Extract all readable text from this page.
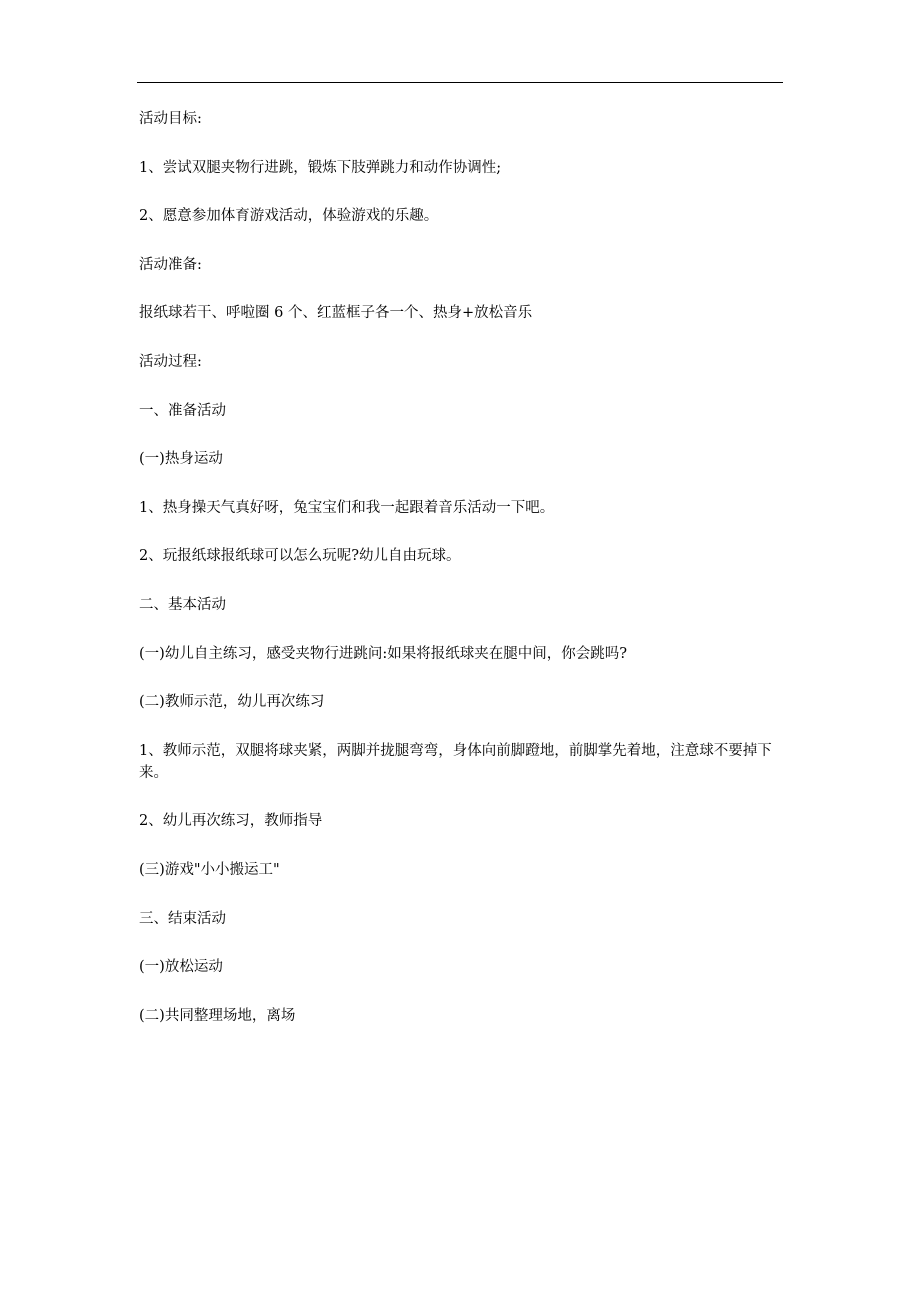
活动目标:

1、尝试双腿夹物行进跳，锻炼下肢弹跳力和动作协调性;

2、愿意参加体育游戏活动，体验游戏的乐趣。

活动准备:

报纸球若干、呼啦圈 6 个、红蓝框子各一个、热身+放松音乐

活动过程:

一、准备活动

(一)热身运动

1、热身操天气真好呀，兔宝宝们和我一起跟着音乐活动一下吧。

2、玩报纸球报纸球可以怎么玩呢?幼儿自由玩球。

二、基本活动

(一)幼儿自主练习，感受夹物行进跳问:如果将报纸球夹在腿中间，你会跳吗?

(二)教师示范，幼儿再次练习

1、教师示范，双腿将球夹紧，两脚并拢腿弯弯，身体向前脚蹬地，前脚掌先着地，注意球不要掉下来。

2、幼儿再次练习，教师指导

(三)游戏"小小搬运工"

三、结束活动

(一)放松运动

(二)共同整理场地，离场
